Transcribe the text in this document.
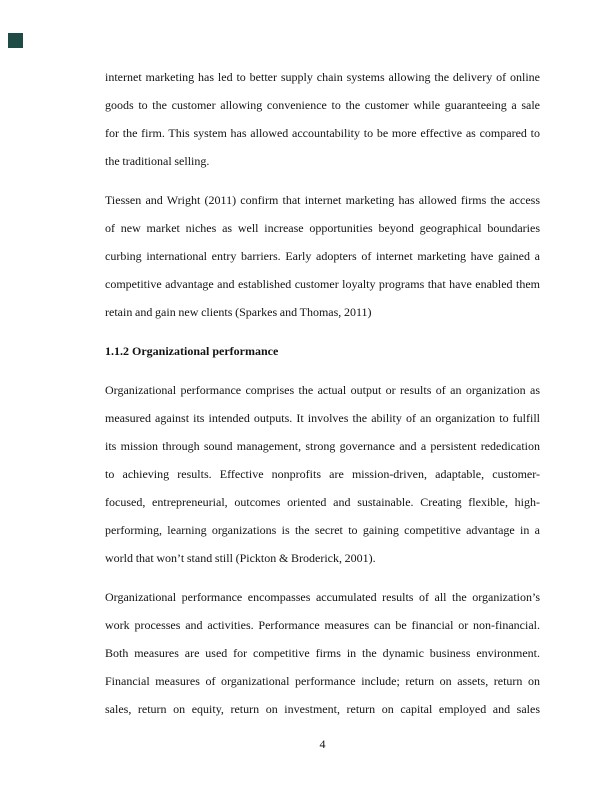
internet marketing has led to better supply chain systems allowing the delivery of online
goods to the customer allowing convenience to the customer while guaranteeing a sale
for the firm. This system has allowed accountability to be more effective as compared to
the traditional selling.
Tiessen and Wright (2011) confirm that internet marketing has allowed firms the access
of new market niches as well increase opportunities beyond geographical boundaries
curbing international entry barriers. Early adopters of internet marketing have gained a
competitive advantage and established customer loyalty programs that have enabled them
retain and gain new clients (Sparkes and Thomas, 2011)
1.1.2 Organizational performance
Organizational performance comprises the actual output or results of an organization as
measured against its intended outputs. It involves the ability of an organization to fulfill
its mission through sound management, strong governance and a persistent rededication
to achieving results. Effective nonprofits are mission-driven, adaptable, customer-
focused, entrepreneurial, outcomes oriented and sustainable. Creating flexible, high-
performing, learning organizations is the secret to gaining competitive advantage in a
world that won’t stand still (Pickton & Broderick, 2001).
Organizational performance encompasses accumulated results of all the organization’s
work processes and activities. Performance measures can be financial or non-financial.
Both measures are used for competitive firms in the dynamic business environment.
Financial measures of organizational performance include; return on assets, return on
sales, return on equity, return on investment, return on capital employed and sales
4
